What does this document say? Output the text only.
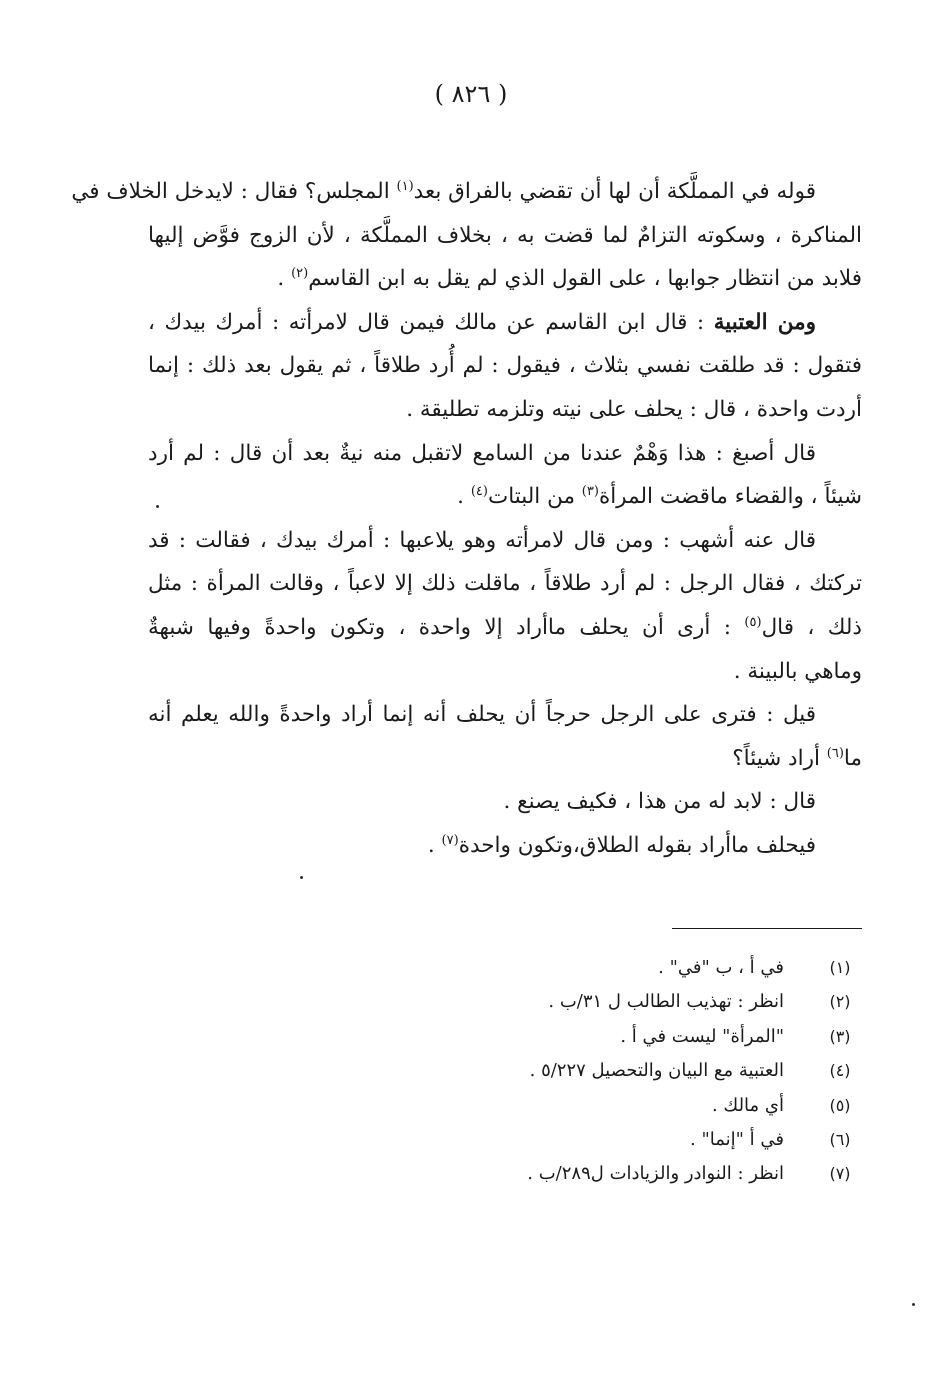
( ٨٢٦ )
قوله في المملَّكة أن لها أن تقضي بالفراق بعد$^{(١)}$ المجلس؟ فقال : لايدخل الخلاف في
المناكرة ، وسكوته التزامٌ لما قضت به ، بخلاف المملَّكة ، لأن الزوج فوَّض إليها
فلابد من انتظار جوابها ، على القول الذي لم يقل به ابن القاسم$^{(٢)}$ .
ومن العتبية : قال ابن القاسم عن مالك فيمن قال لامرأته : أمرك بيدك ،
فتقول : قد طلقت نفسي بثلاث ، فيقول : لم أُرد طلاقاً ، ثم يقول بعد ذلك : إنما
أردت واحدة ، قال : يحلف على نيته وتلزمه تطليقة .
قال أصبغ : هذا وَهْمٌ عندنا من السامع لاتقبل منه نيةٌ بعد أن قال : لم أرد
شيئاً ، والقضاء ماقضت المرأة$^{(٣)}$ من البتات$^{(٤)}$ .
قال عنه أشهب : ومن قال لامرأته وهو يلاعبها : أمرك بيدك ، فقالت : قد
تركتك ، فقال الرجل : لم أرد طلاقاً ، ماقلت ذلك إلا لاعباً ، وقالت المرأة : مثل
ذلك ، قال$^{(٥)}$ : أرى أن يحلف ماأراد إلا واحدة ، وتكون واحدةً وفيها شبهةٌ
وماهي بالبينة .
قيل : فترى على الرجل حرجاً أن يحلف أنه إنما أراد واحدةً والله يعلم أنه
ما$^{(٦)}$ أراد شيئاً؟
قال : لابد له من هذا ، فكيف يصنع .
فيحلف ماأراد بقوله الطلاق،وتكون واحدة$^{(٧)}$ .
(١)
في أ ، ب "في" .
(٢)
انظر : تهذيب الطالب ل ٣١/ب .
(٣)
"المرأة" ليست في أ .
(٤)
العتبية مع البيان والتحصيل ٥/٢٢٧ .
(٥)
أي مالك .
(٦)
في أ "إنما" .
(٧)
انظر : النوادر والزيادات ل٢٨٩/ب .
